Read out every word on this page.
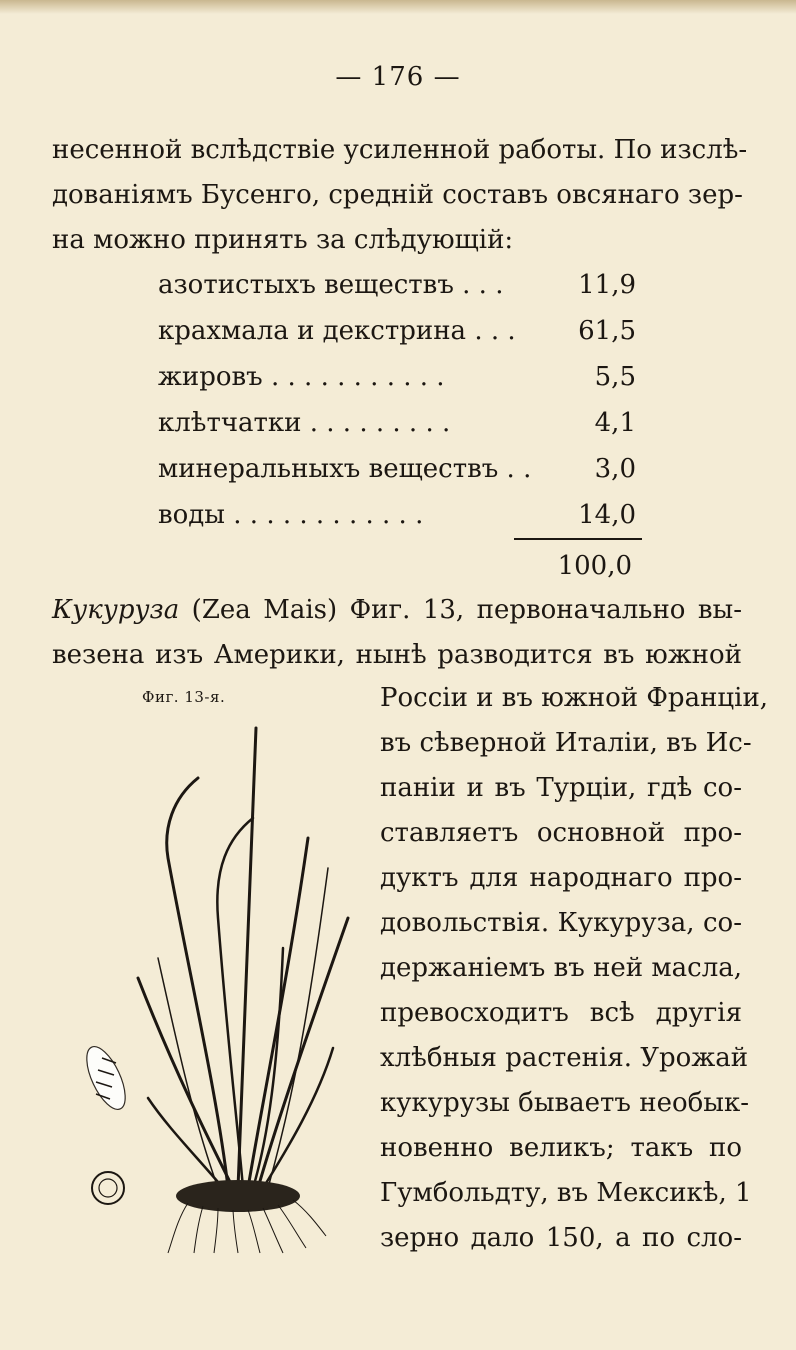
— 176 —
несенной вслѣдствіе усиленной работы. По изслѣ-
дованіямъ Бусенго, средній составъ овсянаго зер-
на можно принять за слѣдующій:
азотистыхъ веществъ . . .	11,9
крахмала и декстрина . . .	61,5
жировъ . . . . . . . . . . .	5,5
клѣтчатки . . . . . . . . .	4,1
минеральныхъ веществъ . .	3,0
воды . . . . . . . . . . . .	14,0
100,0
Кукуруза (Zea Mais) Фиг. 13, первоначально вы-
везена изъ Америки, нынѣ разводится въ южной
Фиг. 13-я.	Россіи и въ южной Франціи,
въ сѣверной Италіи, въ Ис-
паніи и въ Турціи, гдѣ со-
ставляетъ основной про-
дуктъ для народнаго про-
довольствія. Кукуруза, со-
держаніемъ въ ней масла,
превосходитъ всѣ другія
хлѣбныя растенія. Урожай
кукурузы бываетъ необык-
новенно великъ; такъ по
Гумбольдту, въ Мексикѣ, 1
зерно дало 150, а по сло-
